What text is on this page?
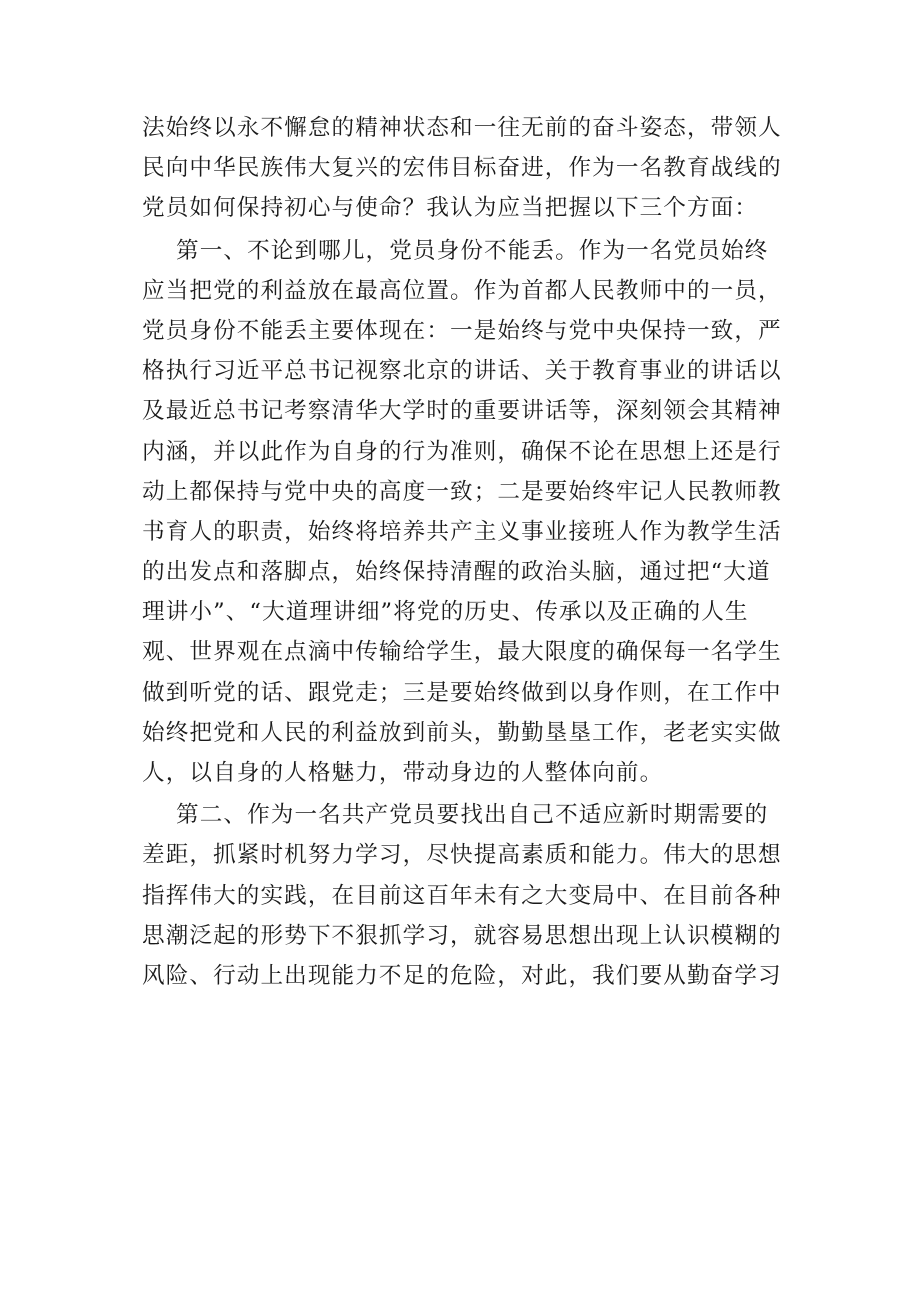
法始终以永不懈怠的精神状态和一往无前的奋斗姿态，带领人
民向中华民族伟大复兴的宏伟目标奋进，作为一名教育战线的
党员如何保持初心与使命？我认为应当把握以下三个方面：
第一、不论到哪儿，党员身份不能丢。作为一名党员始终
应当把党的利益放在最高位置。作为首都人民教师中的一员，
党员身份不能丢主要体现在：一是始终与党中央保持一致，严
格执行习近平总书记视察北京的讲话、关于教育事业的讲话以
及最近总书记考察清华大学时的重要讲话等，深刻领会其精神
内涵，并以此作为自身的行为准则，确保不论在思想上还是行
动上都保持与党中央的高度一致；二是要始终牢记人民教师教
书育人的职责，始终将培养共产主义事业接班人作为教学生活
的出发点和落脚点，始终保持清醒的政治头脑，通过把“大道
理讲小”、“大道理讲细”将党的历史、传承以及正确的人生
观、世界观在点滴中传输给学生，最大限度的确保每一名学生
做到听党的话、跟党走；三是要始终做到以身作则，在工作中
始终把党和人民的利益放到前头，勤勤垦垦工作，老老实实做
人，以自身的人格魅力，带动身边的人整体向前。
第二、作为一名共产党员要找出自己不适应新时期需要的
差距，抓紧时机努力学习，尽快提高素质和能力。伟大的思想
指挥伟大的实践，在目前这百年未有之大变局中、在目前各种
思潮泛起的形势下不狠抓学习，就容易思想出现上认识模糊的
风险、行动上出现能力不足的危险，对此，我们要从勤奋学习
